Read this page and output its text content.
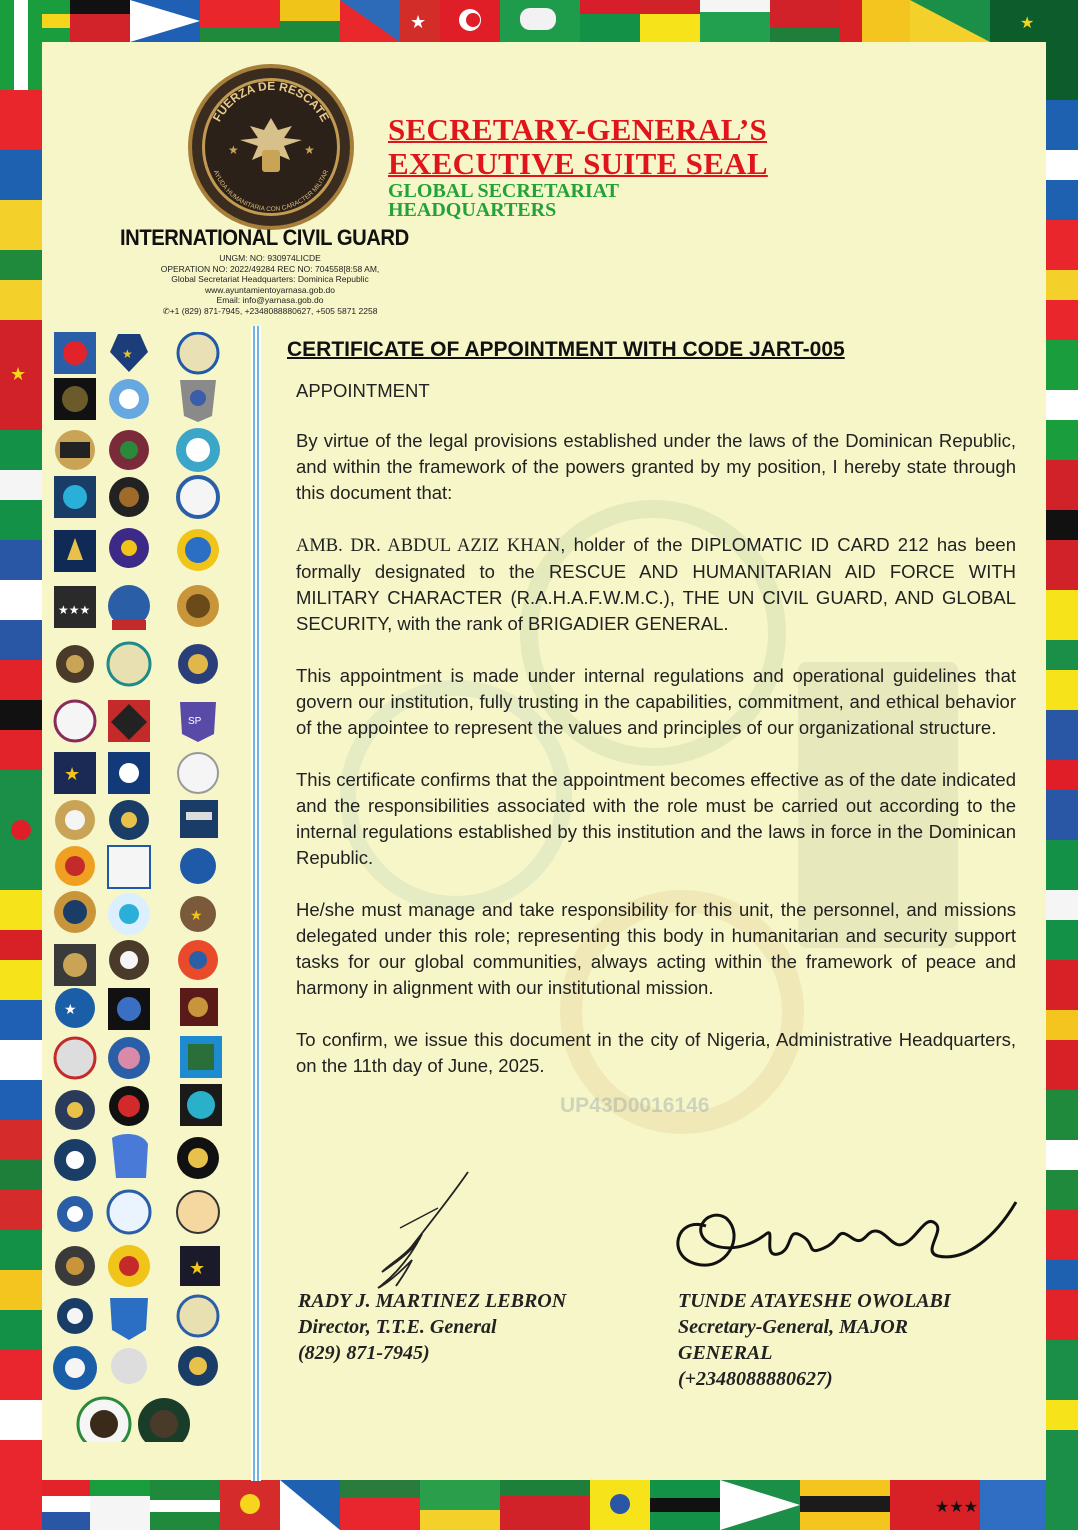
★	★
★★★
★
UP43D0016146
FUERZA DE RESCATE
AYUDA HUMANITARIA CON CARACTER MILITAR
★	★
SECRETARY-GENERAL’S
EXECUTIVE SUITE SEAL
GLOBAL SECRETARIAT
HEADQUARTERS
INTERNATIONAL CIVIL GUARD
UNGM: NO: 930974LICDE
OPERATION NO: 2022/49284 REC NO: 704558[8:58 AM,
Global Secretariat Headquarters: Dominica Republic
www.ayuntamientoyarnasa.gob.do
Email: info@yarnasa.gob.do
✆+1 (829) 871-7945, +2348088880627, +505 5871 2258
★
★★★
SP
★
★
★
★
CERTIFICATE OF APPOINTMENT WITH CODE JART-005

APPOINTMENT

By virtue of the legal provisions established under the laws of the Dominican Republic, and within the framework of the powers granted by my position, I hereby state through this document that:

AMB. DR. ABDUL AZIZ KHAN, holder of the DIPLOMATIC ID CARD 212 has been formally designated to the RESCUE AND HUMANITARIAN AID FORCE WITH MILITARY CHARACTER (R.A.H.A.F.W.M.C.), THE UN CIVIL GUARD, AND GLOBAL SECURITY, with the rank of BRIGADIER GENERAL.

This appointment is made under internal regulations and operational guidelines that govern our institution, fully trusting in the capabilities, commitment, and ethical behavior of the appointee to represent the values and principles of our organizational structure.

This certificate confirms that the appointment becomes effective as of the date indicated and the responsibilities associated with the role must be carried out according to the internal regulations established by this institution and the laws in force in the Dominican Republic.

He/she must manage and take responsibility for this unit, the personnel, and missions delegated under this role; representing this body in humanitarian and security support tasks for our global communities, always acting within the framework of peace and harmony in alignment with our institutional mission.

To confirm, we issue this document in the city of Nigeria, Administrative Headquarters, on the 11th day of June, 2025.

RADY J. MARTINEZ LEBRON
Director, T.T.E. General
(829) 871-7945)
TUNDE ATAYESHE OWOLABI
Secretary-General, MAJOR
GENERAL
(+2348088880627)
